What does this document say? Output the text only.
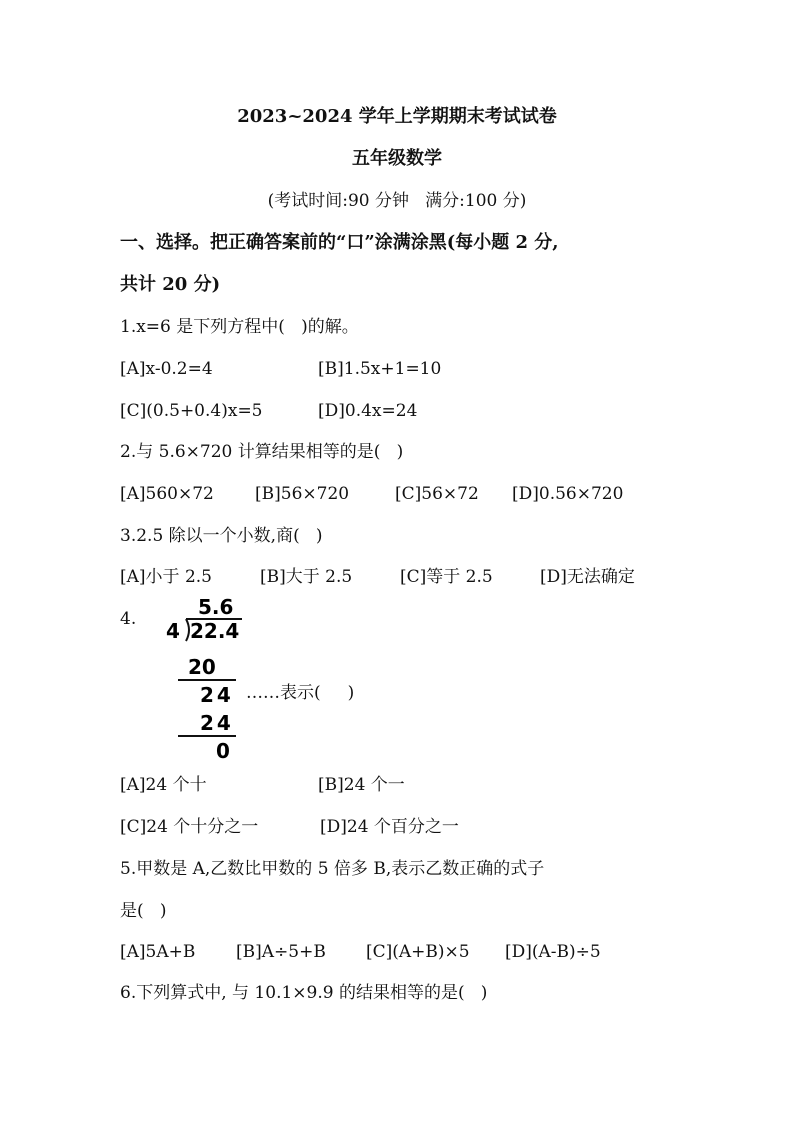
2023~2024 学年上学期期末考试试卷
五年级数学
(考试时间:90 分钟   满分:100 分)
一、选择。把正确答案前的“口”涂满涂黑(每小题 2 分,
共计 20 分)
1.x=6 是下列方程中(   )的解。
[A]x-0.2=4	[B]1.5x+1=10
[C](0.5+0.4)x=5	[D]0.4x=24
2.与 5.6×720 计算结果相等的是(   )
[A]560×72 [B]56×720	[C]56×72 [D]0.56×720
3.2.5 除以一个小数,商(   )
[A]小于 2.5	[B]大于 2.5	[C]等于 2.5	[D]无法确定
4.	5.6
4 22.4
20
24
24
0
……表示(     )
[A]24 个十	[B]24 个一
[C]24 个十分之一	[D]24 个百分之一
5.甲数是 A,乙数比甲数的 5 倍多 B,表示乙数正确的式子
是(   )
[A]5A+B [B]A÷5+B [C](A+B)×5 [D](A-B)÷5
6.下列算式中, 与 10.1×9.9 的结果相等的是(   )
